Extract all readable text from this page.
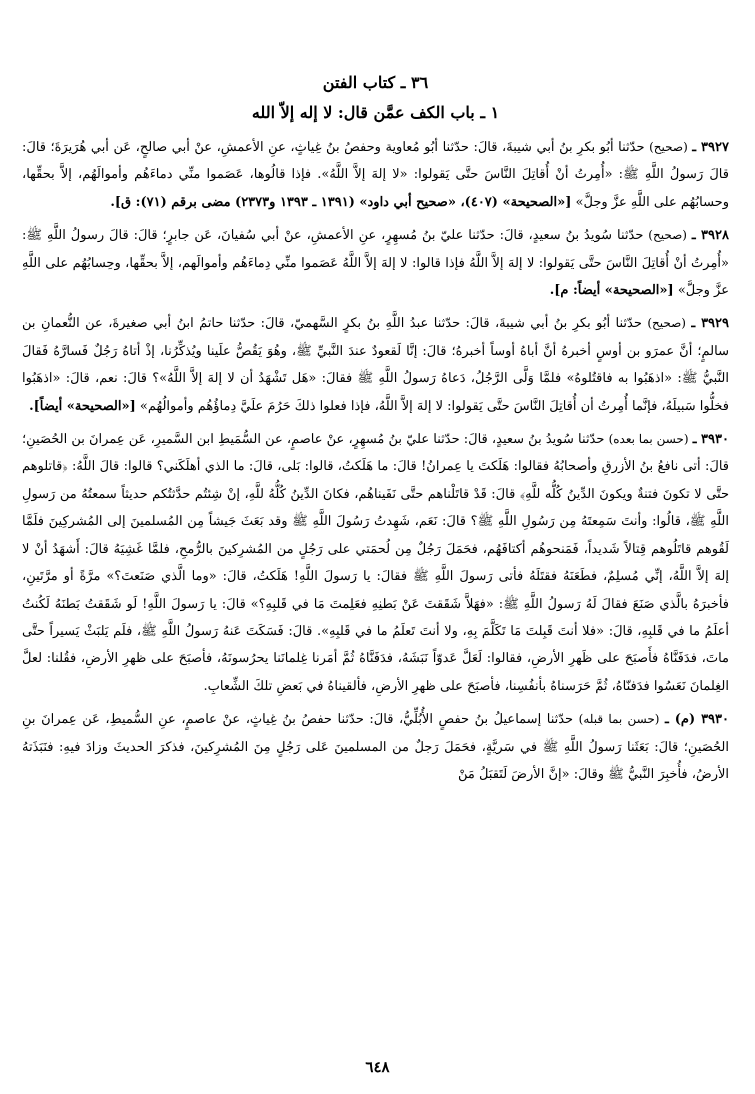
٣٦ ـ كتاب الفتن
١ ـ باب الكف عمَّن قال: لا إله إلاّ الله

٣٩٢٧ ـ (صحيح) حدّثنا أبُو بكرِ بنُ أبي شيبةَ، قالَ: حدّثنا أبُو مُعاوية وحفصُ بنُ غِياثٍ، عنِ الأعمشِ، عنْ أبي صالحٍ، عَن أبي هُرَيرَةَ؛ قالَ: قالَ رَسولُ اللَّهِ ﷺ: «أُمِرتُ أنْ أُقاتِلَ النَّاسَ حتَّى يَقولوا: «لا إلهَ إلاَّ اللَّهُ». فإذا قالُوها، عَصَموا منِّي دماءَهُم وأموالَهُم، إلاَّ بحقِّها، وحسابُهُم على اللَّهِ عزَّ وجلَّ» [«الصحيحة» (٤٠٧)، «صحيح أبي داود» (١٣٩١ ـ ١٣٩٣ و٢٣٧٣) مضى برقم (٧١): ق].

٣٩٢٨ ـ (صحيح) حدّثنا سُويدُ بنُ سعيدٍ، قالَ: حدّثنا عليّ بنُ مُسهِرٍ، عنِ الأعمشِ، عنْ أبي سُفيانَ، عَن جابرٍ؛ قالَ: قالَ رسولُ اللَّهِ ﷺ: «أُمِرتُ أنْ أُقاتِلَ النَّاسَ حتَّى يَقولوا: لا إلهَ إلاَّ اللَّهُ فإذا قالوا: لا إلهَ إلاَّ اللَّهُ عَصَموا منِّي دِماءَهُم وأموالَهم، إلاَّ بحقِّها، وحِسابُهُم على اللَّهِ عزَّ وجلَّ» [«الصحيحة» أيضاً: م].

٣٩٢٩ ـ (صحيح) حدّثنا أبُو بكرِ بنُ أبي شيبةَ، قالَ: حدّثنا عبدُ اللَّهِ بنُ بكرٍ السَّهميّ، قالَ: حدّثنا حاتمُ ابنُ أبي صغيرةَ، عن النُّعمانِ بن سالمٍ؛ أنَّ عمرَو بن أوسٍ أخبرهُ أنَّ أباهُ أوساً أخبرهُ؛ قالَ: إنَّا لَقعودٌ عندَ النَّبيِّ ﷺ، وهُوَ يَقُصُّ علَينا ويُذكِّرُنا، إذْ أتاهُ رَجُلٌ فَسارَّهُ فَقالَ النَّبيُّ ﷺ: «اذهَبُوا به فاقتُلوهُ» فلمَّا وَلَّى الرَّجُلُ، دَعاهُ رَسولُ اللَّهِ ﷺ فقالَ: «هَل تَشْهَدُ أن لا إلهَ إلاَّ اللَّهُ»؟ قالَ: نعم، قالَ: «اذهَبُوا فخلُّوا سَبيلَهُ، فإنَّما أُمِرتُ أن أُقاتِلَ النَّاسَ حتَّى يَقولوا: لا إلهَ إلاَّ اللَّهُ، فإذا فعلوا ذلكَ حَرُمَ علَيَّ دِماؤُهُم وأموالُهُم» [«الصحيحة» أيضاً].

٣٩٣٠ ـ (حسن بما بعده) حدّثنا سُويدُ بنُ سعيدٍ، قالَ: حدّثنا عليّ بنُ مُسهِرٍ، عنْ عاصمٍ، عن السُّمَيطِ ابن السَّميرِ، عَن عِمرانَ بن الحُصَينِ؛ قالَ: أتى نافعُ بنُ الأزرقِ وأصحابُهُ فقالوا: هَلَكتَ يا عِمرانُ! قالَ: ما هَلَكتُ، قالوا: بَلى، قالَ: ما الذي أهلَكَني؟ قالوا: قالَ اللَّهُ: ﴿قاتلوهم حتَّى لا تكونَ فتنةٌ ويكونَ الدِّينُ كُلُّه للَّهِ﴾ قالَ: قَدْ قاتَلْناهم حتَّى نَفَيناهُم، فكانَ الدِّينُ كُلُّهُ للَّهِ، إنْ شِئتُم حدَّثتُكم حديثاً سمعتُهُ من رَسولِ اللَّهِ ﷺ، قالُوا: وأنتَ سَمِعتَهُ مِن رَسُولِ اللَّهِ ﷺ؟ قالَ: نَعَم، شَهِدتُ رَسُولَ اللَّهِ ﷺ وقد بَعَثَ جَيشاً مِن المُسلمينَ إلى المُشركِينَ فلَمَّا لَقُوهم قاتَلُوهم قِتالاً شَديداً، فَمَنحوهُم أكتافَهُم، فحَمَلَ رَجُلٌ مِن لُحمَتي على رَجُلٍ من المُشرِكينَ بالرُّمحِ، فلمَّا غَشِيَهُ قالَ: أَشهَدُ أنْ لا إلهَ إلاَّ اللَّهُ، إنِّي مُسلِمٌ، فطَعَنَهُ فقتَلَهُ فأتى رَسولَ اللَّهِ ﷺ فقالَ: يا رَسولَ اللَّهِ! هَلَكتُ، قالَ: «وما الَّذي صَنَعتَ؟» مرَّةً أو مرَّتَينِ، فأخبرَهُ بالَّذي صَنَعَ فقالَ لَهُ رَسولُ اللَّهِ ﷺ: «فهَلاَّ شَقَقتَ عَنْ بَطنِهِ فعَلِمتَ مَا في قَلبِهِ؟» قالَ: يا رَسولَ اللَّهِ! لَو شَقَقتُ بَطنَهُ لَكُنتُ أعلَمُ ما في قَلبِهِ، قالَ: «فلا أنتَ قَبِلتَ مَا تَكَلَّمَ بِهِ، ولا أنتَ تَعلَمُ ما في قَلبِهِ». قالَ: فَسَكَتَ عَنهُ رَسولُ اللَّهِ ﷺ، فلَم يَلبَثْ يَسيراً حتَّى ماتَ، فدَفَنَّاهُ فأَصبَحَ على ظَهرِ الأرضِ، فقالوا: لَعَلَّ عَدوّاً نَبَشَهُ، فدَفَنَّاهُ ثُمَّ أمَرنا غِلمانَنا يحرُسونَهُ، فأصبَحَ على ظهرِ الأرضِ، فقُلنا: لعلَّ الغِلمانَ نَعَسُوا فدَفنّاهُ، ثُمَّ حَرَسناهُ بأنفُسِنا، فأصبَحَ على ظهرِ الأرضِ، فألقيناهُ في بَعضِ تلكَ الشِّعابِ.

٣٩٣٠ (م) ـ (حسن بما قبله) حدّثنا إسماعيلُ بنُ حفصٍ الأُبُلِّيُّ، قالَ: حدّثنا حفصُ بنُ غِياثٍ، عنْ عاصمٍ، عنِ السُّميطِ، عَن عِمرانَ بنِ الحُصَينِ؛ قالَ: بَعَثَنا رَسولُ اللَّهِ ﷺ في سَريَّةٍ، فحَمَلَ رَجلٌ من المسلمينَ عَلى رَجُلٍ مِنَ المُشرِكينَ، فذكرَ الحديثَ وزادَ فيهِ: فنَبَذَتهُ الأرضُ، فأُخبِرَ النَّبيُّ ﷺ وقالَ: «إنَّ الأرضَ لَتَقبَلُ مَنْ

٦٤٨
